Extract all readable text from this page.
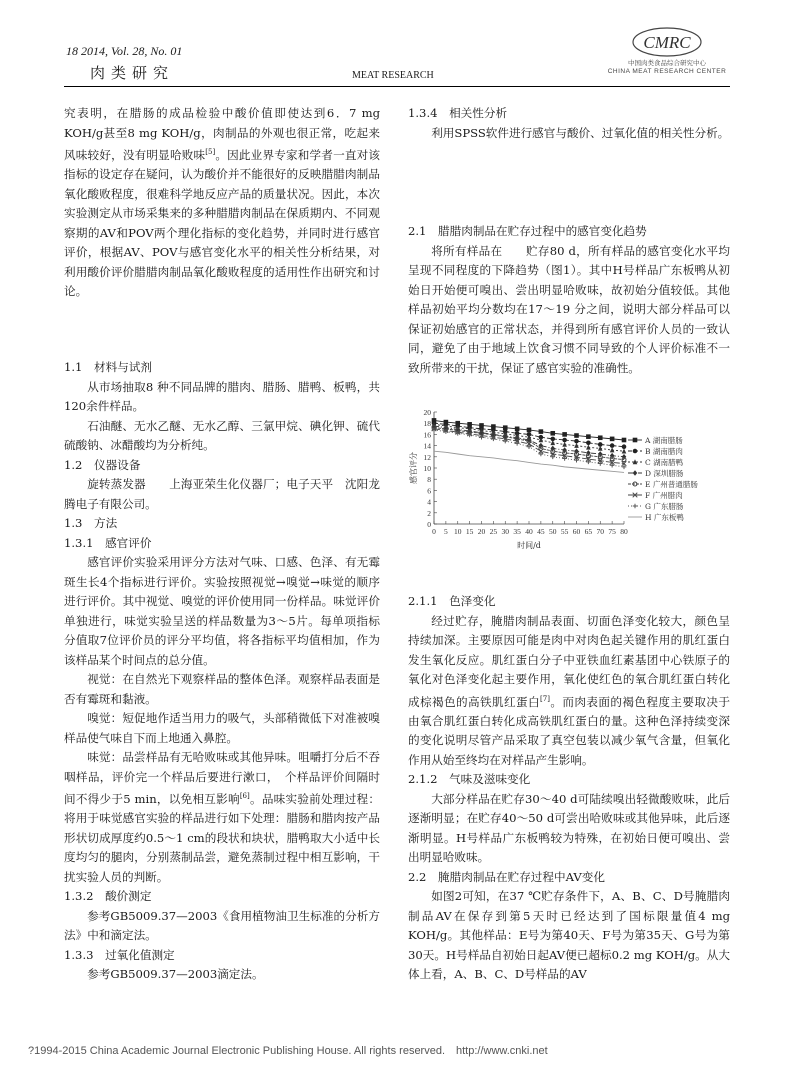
18 2014, Vol. 28, No. 01
肉类研究	MEAT RESEARCH
CMRC
中国肉类食品综合研究中心
CHINA MEAT RESEARCH CENTER

究表明，在腊肠的成品检验中酸价值即使达到6．7 mg KOH/g甚至8 mg KOH/g，肉制品的外观也很正常，吃起来风味较好，没有明显哈败味[5]。因此业界专家和学者一直对该指标的设定存在疑问，认为酸价并不能很好的反映腊腊肉制品氧化酸败程度，很难科学地反应产品的质量状况。因此，本次实验测定从市场采集来的多种腊腊肉制品在保质期内、不同观察期的AV和POV两个理化指标的变化趋势，并同时进行感官评价，根据AV、POV与感官变化水平的相关性分析结果，对利用酸价评价腊腊肉制品氧化酸败程度的适用性作出研究和讨论。

1.1　材料与试剂

从市场抽取8 种不同品牌的腊肉、腊肠、腊鸭、板鸭，共120余件样品。

石油醚、无水乙醚、无水乙醇、三氯甲烷、碘化钾、硫代硫酸钠、冰醋酸均为分析纯。

1.2　仪器设备

旋转蒸发器　　上海亚荣生化仪器厂；电子天平　沈阳龙腾电子有限公司。

1.3　方法

1.3.1　感官评价

感官评价实验采用评分方法对气味、口感、色泽、有无霉斑生长4个指标进行评价。实验按照视觉→嗅觉→味觉的顺序进行评价。其中视觉、嗅觉的评价使用同一份样品。味觉评价单独进行，味觉实验呈送的样品数量为3～5片。每单项指标分值取7位评价员的评分平均值，将各指标平均值相加，作为该样品某个时间点的总分值。

视觉：在自然光下观察样品的整体色泽。观察样品表面是否有霉斑和黏液。

嗅觉：短促地作适当用力的吸气，头部稍微低下对准被嗅样品使气味自下而上地通入鼻腔。

味觉：品尝样品有无哈败味或其他异味。咀嚼打分后不吞咽样品，评价完一个样品后要进行漱口，　个样品评价间隔时间不得少于5 min，以免相互影响[6]。品味实验前处理过程：将用于味觉感官实验的样品进行如下处理：腊肠和腊肉按产品形状切成厚度约0.5～1 cm的段状和块状，腊鸭取大小适中长度均匀的腿肉，分别蒸制品尝，避免蒸制过程中相互影响，干扰实验人员的判断。

1.3.2　酸价测定

参考GB5009.37—2003《食用植物油卫生标准的分析方法》中和滴定法。

1.3.3　过氧化值测定

参考GB5009.37—2003滴定法。

1.3.4　相关性分析

利用SPSS软件进行感官与酸价、过氧化值的相关性分析。

2.1　腊腊肉制品在贮存过程中的感官变化趋势

将所有样品在　　贮存80 d，所有样品的感官变化水平均呈现不同程度的下降趋势（图1）。其中H号样品广东板鸭从初始日开始便可嗅出、尝出明显哈败味，故初始分值较低。其他样品初始平均分数均在17～19 分之间，说明大部分样品可以保证初始感官的正常状态，并得到所有感官评价人员的一致认同，避免了由于地域上饮食习惯不同导致的个人评价标准不一致所带来的干扰，保证了感官实验的准确性。

0
2
4
6
8
10
12
14
16
18
20
0 5 10 15 20 25 30 35 40 45 50 55 60 65 70 75 80
感官评分
时间/d
A 湖南腊肠
B 湖南腊肉
C 湖南腊鸭
D 深圳腊肠
E 广州普通腊肠
F 广州腊肉
G 广东腊肠
H 广东板鸭

2.1.1　色泽变化

经过贮存，腌腊肉制品表面、切面色泽变化较大，颜色呈持续加深。主要原因可能是肉中对肉色起关键作用的肌红蛋白发生氧化反应。肌红蛋白分子中亚铁血红素基团中心铁原子的氧化对色泽变化起主要作用，氧化使红色的氧合肌红蛋白转化成棕褐色的高铁肌红蛋白[7]。而肉表面的褐色程度主要取决于由氧合肌红蛋白转化成高铁肌红蛋白的量。这种色泽持续变深的变化说明尽管产品采取了真空包装以减少氧气含量，但氧化作用从始至终均在对样品产生影响。

2.1.2　气味及滋味变化

大部分样品在贮存30～40 d可陆续嗅出轻微酸败味，此后逐渐明显；在贮存40～50 d可尝出哈败味或其他异味，此后逐渐明显。H号样品广东板鸭较为特殊，在初始日便可嗅出、尝出明显哈败味。

2.2　腌腊肉制品在贮存过程中AV变化

如图2可知，在37 ℃贮存条件下，A、B、C、D号腌腊肉制品AV在保存到第5天时已经达到了国标限量值4 mg KOH/g。其他样品：E号为第40天、F号为第35天、G号为第30天。H号样品自初始日起AV便已超标0.2 mg KOH/g。从大体上看，A、B、C、D号样品的AV

?1994-2015 China Academic Journal Electronic Publishing House. All rights reserved.　http://www.cnki.net
